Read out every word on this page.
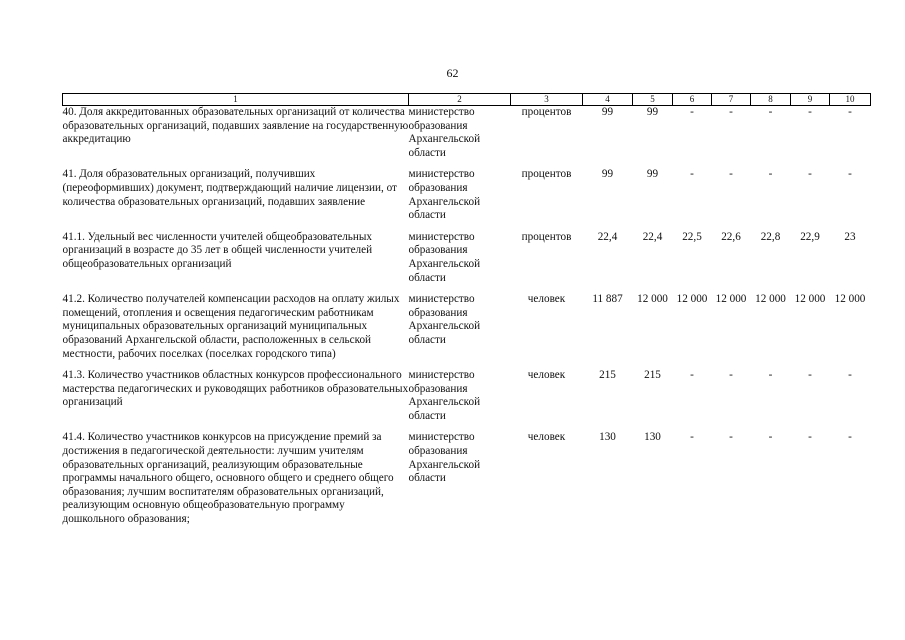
62
1	2	3	4	5	6	7	8	9	10
40. Доля аккредитованных образовательных организаций от количества образовательных организаций, подавших заявление на государственную аккредитацию	министерство образования Архангельской области	процентов	99	99	-	-	-	-	-

41. Доля образовательных организаций, получивших (переоформивших) документ, подтверждающий наличие лицензии, от количества образовательных организаций, подавших заявление	министерство образования Архангельской области	процентов	99	99	-	-	-	-	-

41.1. Удельный вес численности учителей общеобразовательных организаций в возрасте до 35 лет в общей численности учителей общеобразовательных организаций	министерство образования Архангельской области	процентов	22,4	22,4	22,5	22,6	22,8	22,9	23

41.2. Количество получателей компенсации расходов на оплату жилых помещений, отопления и освещения педагогическим работникам муниципальных образовательных организаций муниципальных образований Архангельской области, расположенных в сельской местности, рабочих поселках (поселках городского типа)	министерство образования Архангельской области	человек	11 887	12 000	12 000	12 000	12 000	12 000	12 000

41.3. Количество участников областных конкурсов профессионального мастерства педагогических и руководящих работников образовательных организаций	министерство образования Архангельской области	человек	215	215	-	-	-	-	-

41.4. Количество участников конкурсов на присуждение премий за достижения в педагогической деятельности: лучшим учителям образовательных организаций, реализующим образовательные программы начального общего, основного общего и среднего общего образования; лучшим воспитателям образовательных организаций, реализующим основную общеобразовательную программу дошкольного образования;	министерство образования Архангельской области	человек	130	130	-	-	-	-	-
